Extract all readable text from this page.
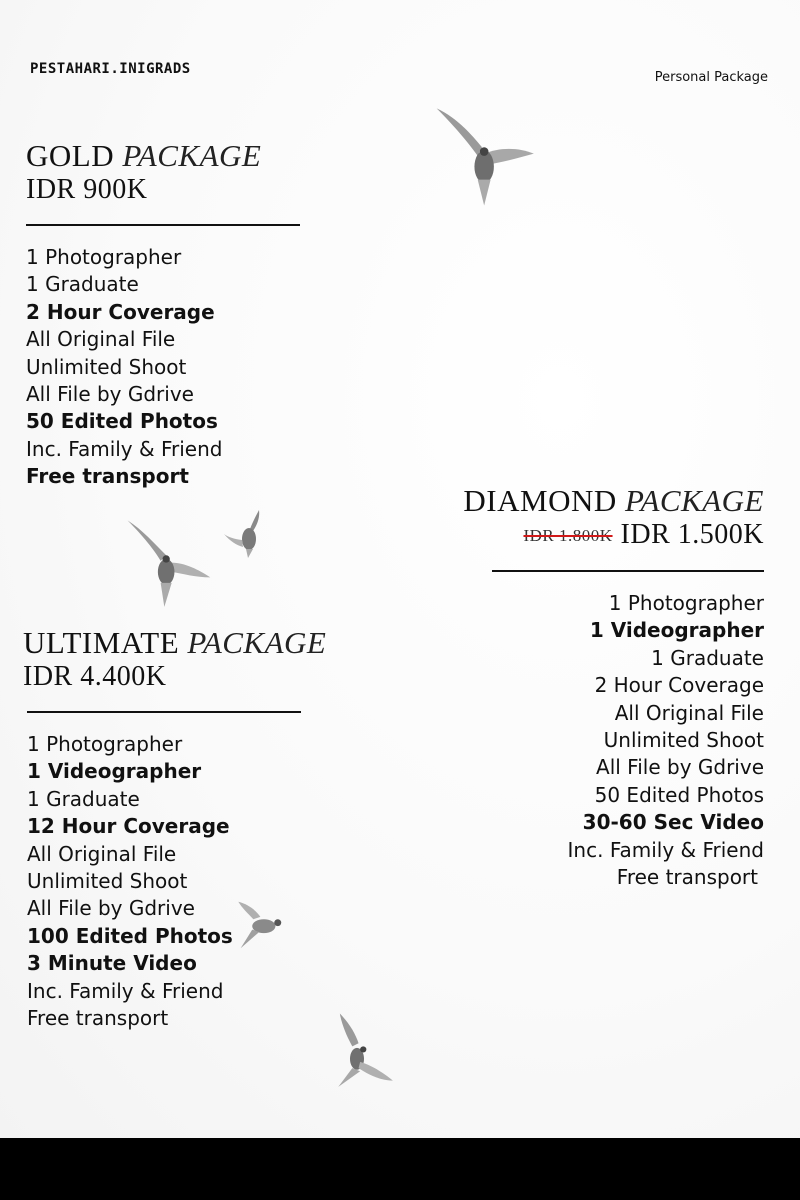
PESTAHARI.INIGRADS
Personal Package
GOLD PACKAGE
IDR 900K
1 Photographer
1 Graduate
2 Hour Coverage
All Original File
Unlimited Shoot
All File by Gdrive
50 Edited Photos
Inc. Family & Friend
Free transport
DIAMOND PACKAGE
IDR 1.800K IDR 1.500K
1 Photographer
1 Videographer
1 Graduate
2 Hour Coverage
All Original File
Unlimited Shoot
All File by Gdrive
50 Edited Photos
30-60 Sec Video
Inc. Family & Friend
Free transport
ULTIMATE PACKAGE
IDR 4.400K
1 Photographer
1 Videographer
1 Graduate
12 Hour Coverage
All Original File
Unlimited Shoot
All File by Gdrive
100 Edited Photos
3 Minute Video
Inc. Family & Friend
Free transport
